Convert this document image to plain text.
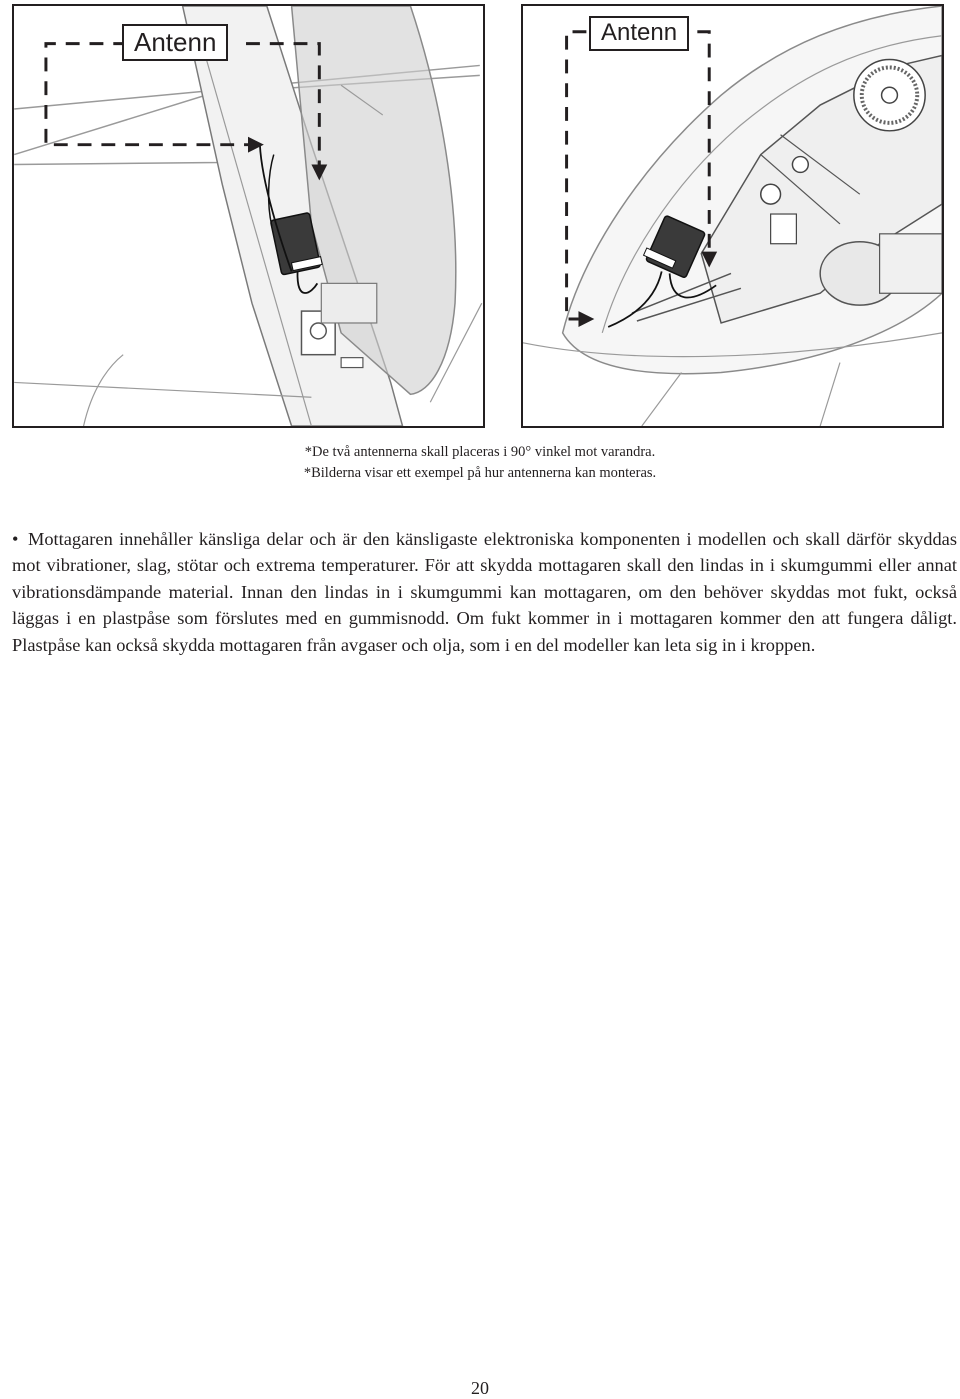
Antenn	Antenn
*De två antennerna skall placeras i 90° vinkel mot varandra.
*Bilderna visar ett exempel på hur antennerna kan monteras.

• Mottagaren innehåller känsliga delar och är den känsligaste elektroniska komponenten i modellen och skall därför skyddas mot vibrationer, slag, stötar och extrema temperaturer. För att skydda mottagaren skall den lindas in i skumgummi eller annat vibrationsdämpande material. Innan den lindas in i skumgummi kan mottagaren, om den behöver skyddas mot fukt, också läggas i en plastpåse som förslutes med en gummisnodd. Om fukt kommer in i mottagaren kommer den att fungera dåligt. Plastpåse kan också skydda mottagaren från avgaser och olja, som i en del modeller kan leta sig in i kroppen.

20
